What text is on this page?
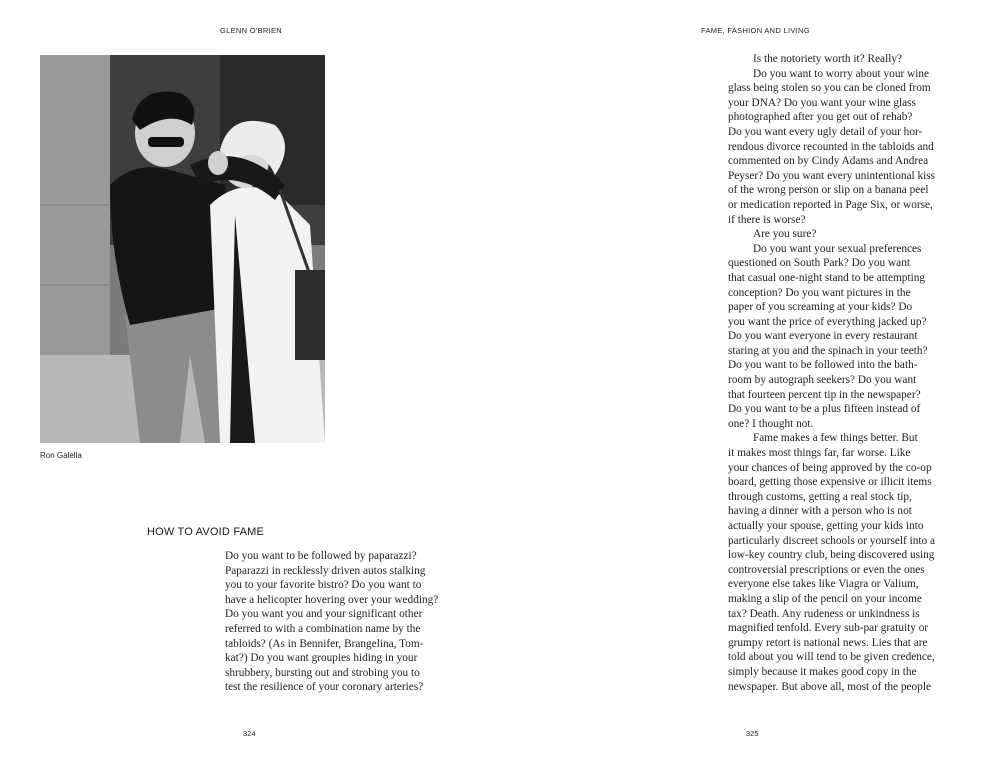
GLENN O'BRIEN
Ron Galella
HOW TO AVOID FAME
Do you want to be followed by paparazzi?
Paparazzi in recklessly driven autos stalking
you to your favorite bistro? Do you want to
have a helicopter hovering over your wedding?
Do you want you and your significant other
referred to with a combination name by the
tabloids? (As in Bennifer, Brangelina, Tom-
kat?) Do you want groupies hiding in your
shrubbery, bursting out and strobing you to
test the resilience of your coronary arteries?
324
FAME, FASHION AND LIVING
Is the notoriety worth it? Really?
Do you want to worry about your wine
glass being stolen so you can be cloned from
your DNA? Do you want your wine glass
photographed after you get out of rehab?
Do you want every ugly detail of your hor-
rendous divorce recounted in the tabloids and
commented on by Cindy Adams and Andrea
Peyser? Do you want every unintentional kiss
of the wrong person or slip on a banana peel
or medication reported in Page Six, or worse,
if there is worse?
Are you sure?
Do you want your sexual preferences
questioned on South Park? Do you want
that casual one-night stand to be attempting
conception? Do you want pictures in the
paper of you screaming at your kids? Do
you want the price of everything jacked up?
Do you want everyone in every restaurant
staring at you and the spinach in your teeth?
Do you want to be followed into the bath-
room by autograph seekers? Do you want
that fourteen percent tip in the newspaper?
Do you want to be a plus fifteen instead of
one? I thought not.
Fame makes a few things better. But
it makes most things far, far worse. Like
your chances of being approved by the co-op
board, getting those expensive or illicit items
through customs, getting a real stock tip,
having a dinner with a person who is not
actually your spouse, getting your kids into
particularly discreet schools or yourself into a
low-key country club, being discovered using
controversial prescriptions or even the ones
everyone else takes like Viagra or Valium,
making a slip of the pencil on your income
tax? Death. Any rudeness or unkindness is
magnified tenfold. Every sub-par gratuity or
grumpy retort is national news. Lies that are
told about you will tend to be given credence,
simply because it makes good copy in the
newspaper. But above all, most of the people
325
